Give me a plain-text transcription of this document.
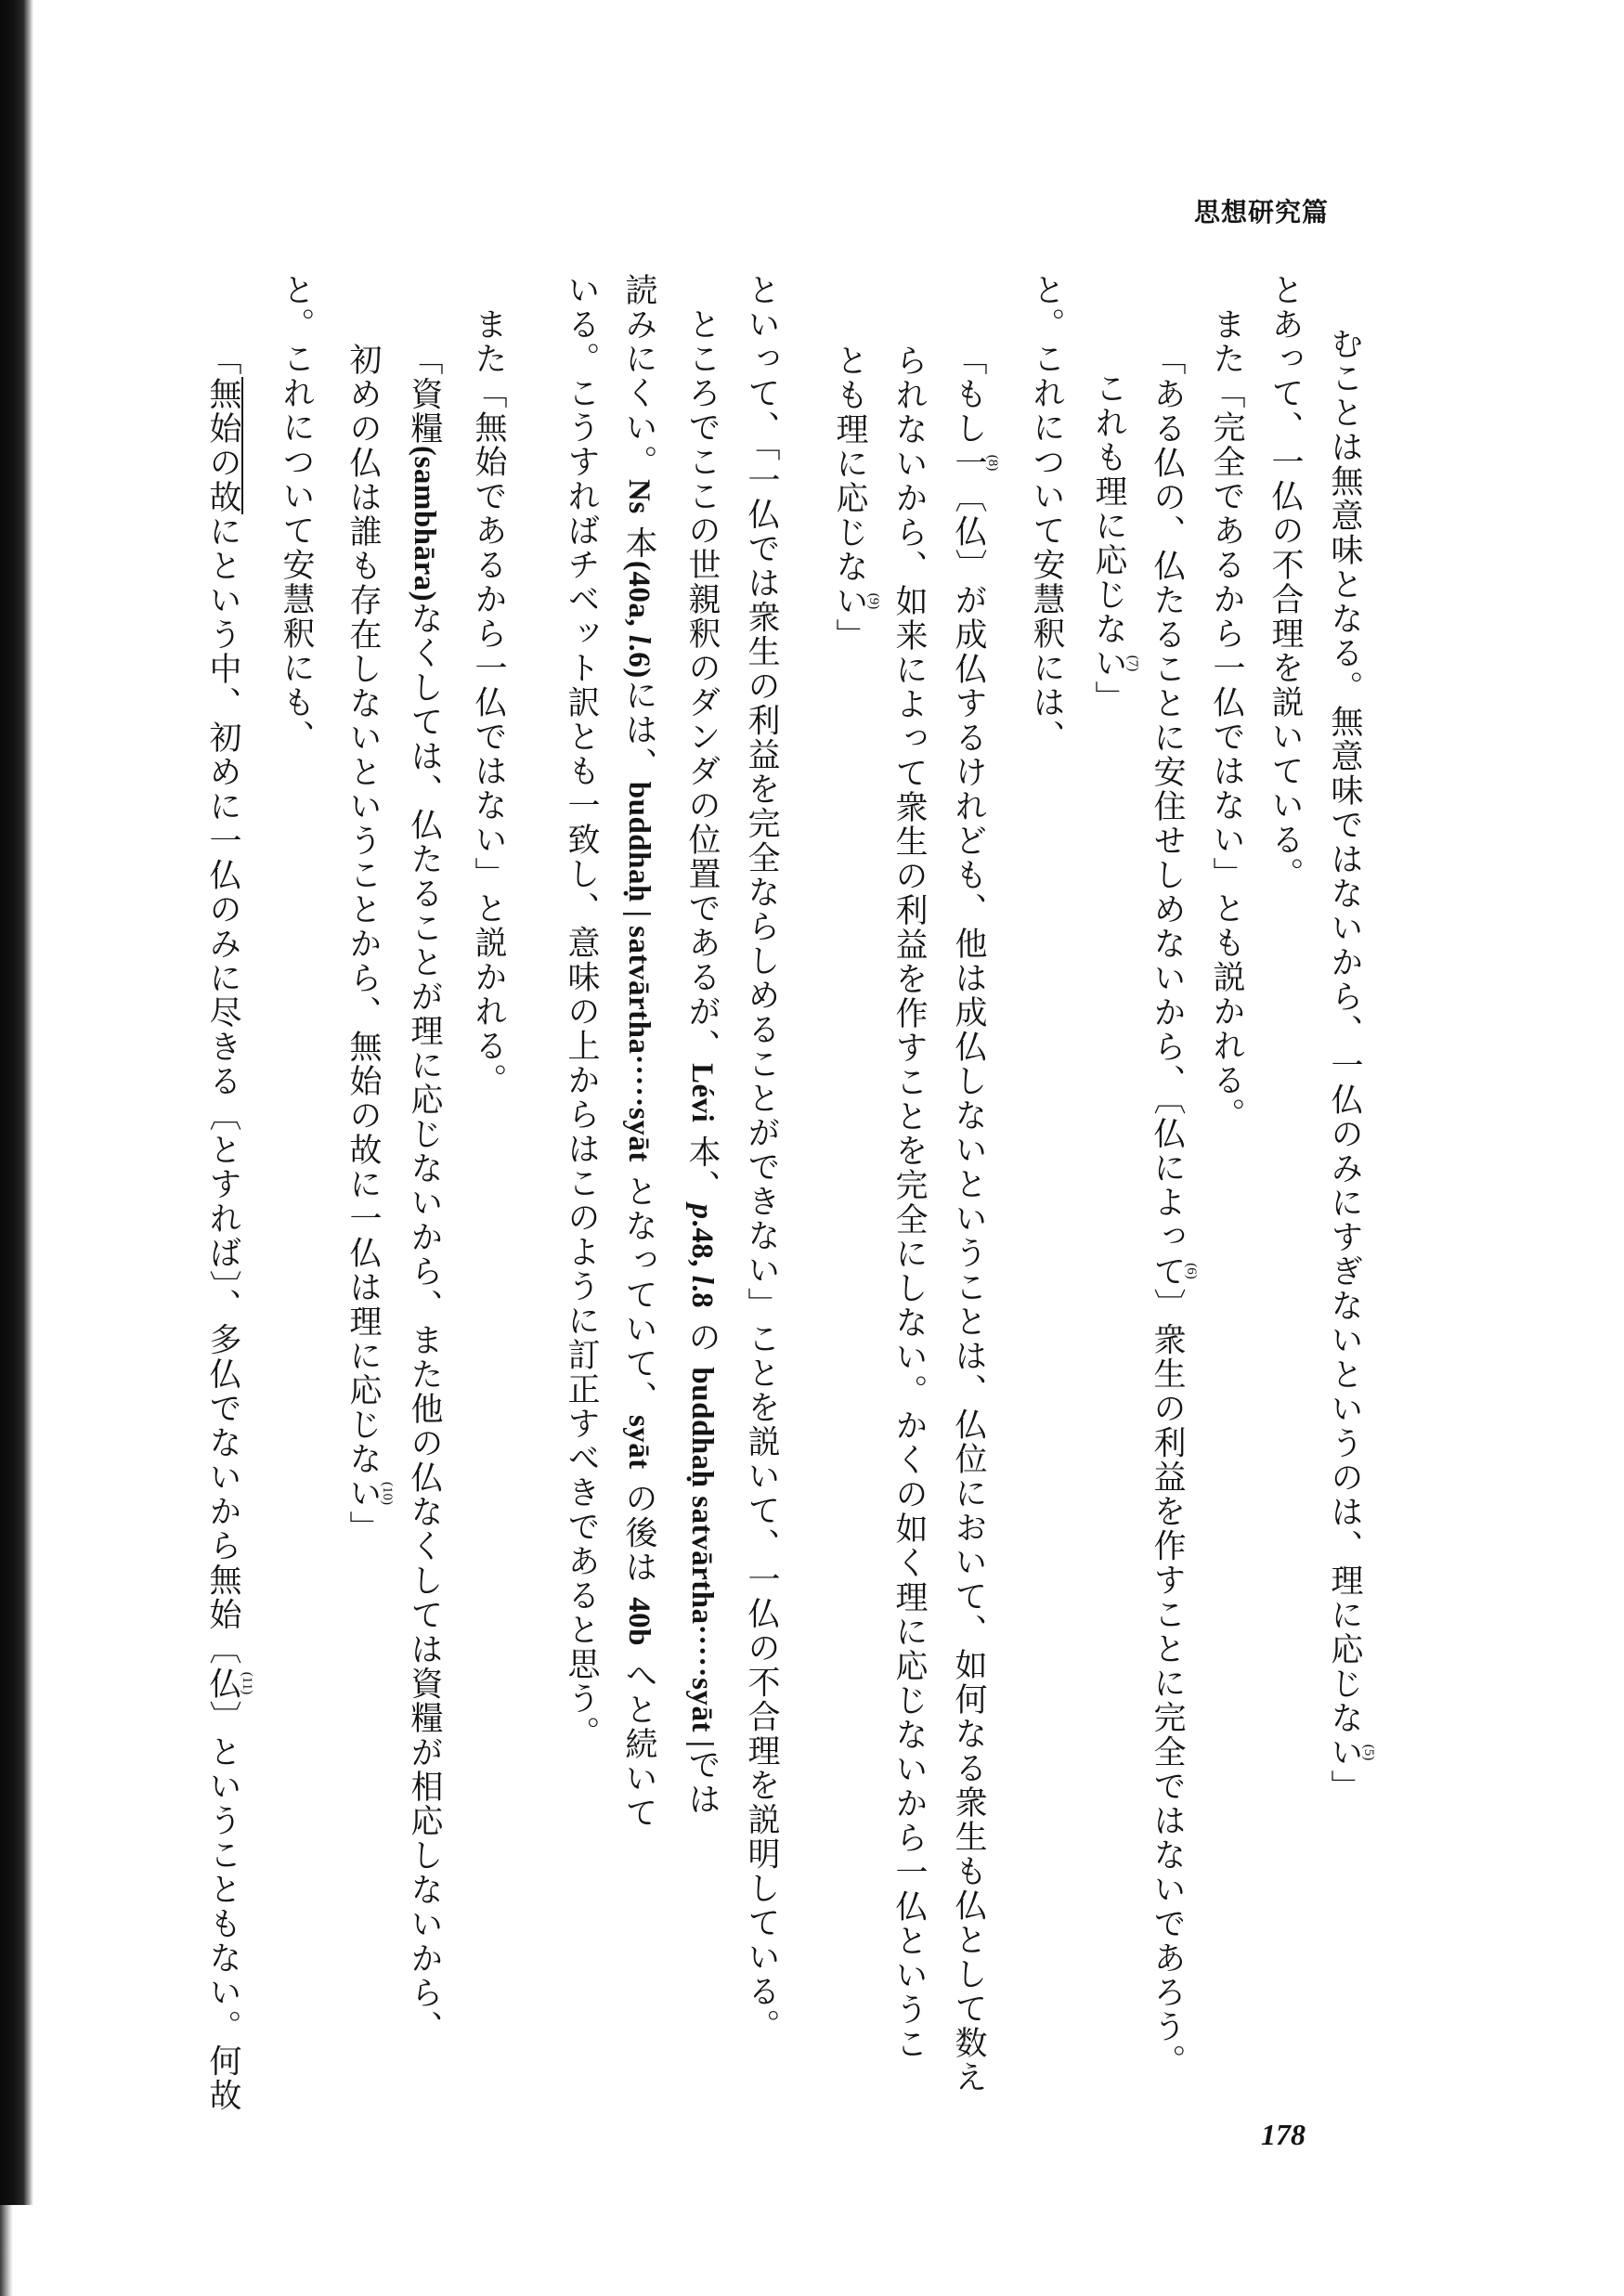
思想研究篇
むことは無意味となる。無意味ではないから、一仏のみにすぎないというのは、理に応じない(5)」
とあって、一仏の不合理を説いている。
また「完全であるから一仏ではない」とも説かれる。
「ある仏の、仏たることに安住せしめないから、〔仏によって(6)〕衆生の利益を作すことに完全ではないであろう。
これも理に応じない(7)」
と。これについて安慧釈には、
「もし一(8)〔仏〕が成仏するけれども、他は成仏しないということは、仏位において、如何なる衆生も仏として数え
られないから、如来によって衆生の利益を作すことを完全にしない。かくの如く理に応じないから一仏というこ
とも理に応じない(9)」
といって、「一仏では衆生の利益を完全ならしめることができない」ことを説いて、一仏の不合理を説明している。
ところでここの世親釈のダンダの位置であるが、Lévi 本、p.48, l.8 の buddhaḥ satvārtha·····syāt |では
読みにくい。Ns 本(40a, l.6)には、buddhaḥ | satvārtha·····syāt となっていて、syāt の後は 40b へと続いて
いる。こうすればチベット訳とも一致し、意味の上からはこのように訂正すべきであると思う。
また「無始であるから一仏ではない」と説かれる。
「資糧(sambhāra)なくしては、仏たることが理に応じないから、また他の仏なくしては資糧が相応しないから、
初めの仏は誰も存在しないということから、無始の故に一仏は理に応じない(10)」
と。これについて安慧釈にも、
「無始の故にという中、初めに一仏のみに尽きる〔とすれば〕、多仏でないから無始〔仏(11)〕ということもない。何故
178
